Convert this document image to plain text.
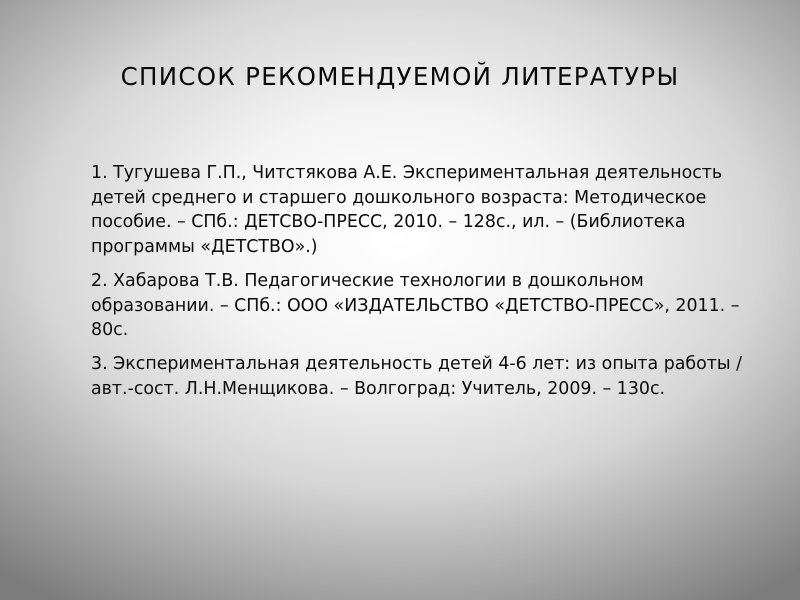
СПИСОК РЕКОМЕНДУЕМОЙ ЛИТЕРАТУРЫ
1. Тугушева Г.П., Читстякова А.Е. Экспериментальная деятельность детей среднего и старшего дошкольного возраста: Методическое пособие. – СПб.: ДЕТСВО-ПРЕСС, 2010. – 128с., ил. – (Библиотека программы «ДЕТСТВО».)
2. Хабарова Т.В. Педагогические технологии в дошкольном образовании. – СПб.: ООО «ИЗДАТЕЛЬСТВО «ДЕТСТВО-ПРЕСС», 2011. – 80с.
3. Экспериментальная деятельность детей 4-6 лет: из опыта работы / авт.-сост. Л.Н.Менщикова. – Волгоград: Учитель, 2009. – 130с.
